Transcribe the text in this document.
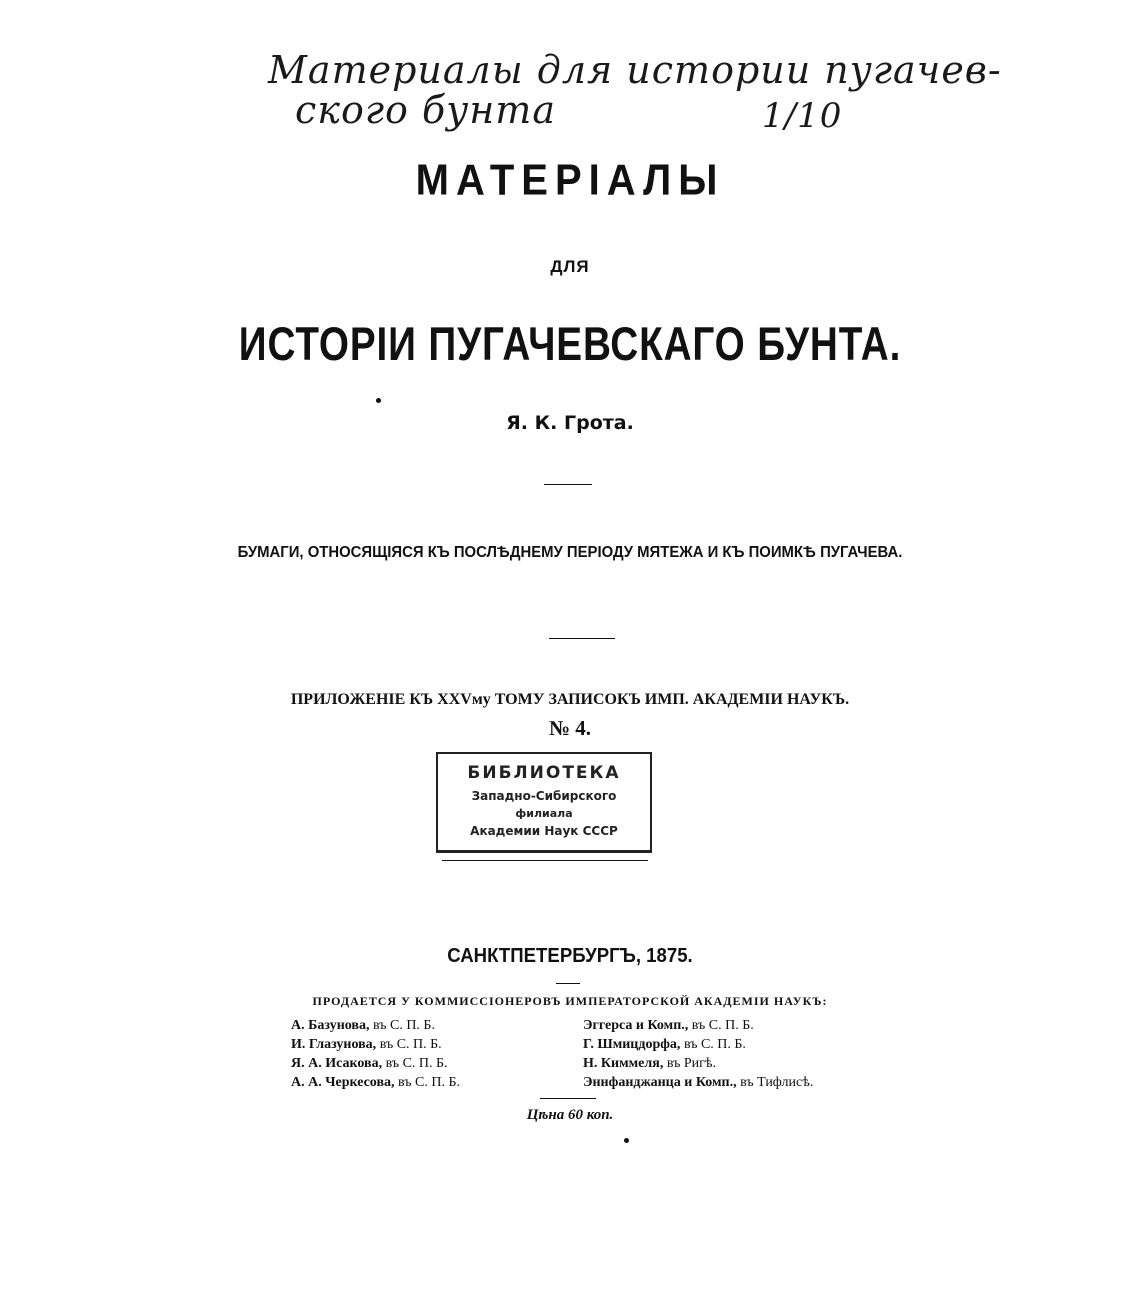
Материалы для истории пугачев-
ского бунта	1/10
МАТЕРІАЛЫ
ДЛЯ
ИСТОРІИ ПУГАЧЕВСКАГО БУНТА.
Я. К. Грота.
БУМАГИ, ОТНОСЯЩІЯСЯ КЪ ПОСЛѢДНЕМУ ПЕРІОДУ МЯТЕЖА И КЪ ПОИМКѢ ПУГАЧЕВА.
ПРИЛОЖЕНІЕ КЪ XXVму ТОМУ ЗАПИСОКЪ ИМП. АКАДЕМІИ НАУКЪ.
№ 4.
БИБЛИОТЕКА
Западно-Сибирского
филиала
Академии Наук СССР
САНКТПЕТЕРБУРГЪ, 1875.
ПРОДАЕТСЯ У КОММИССІОНЕРОВЪ ИМПЕРАТОРСКОЙ АКАДЕМІИ НАУКЪ:
А. Базунова, въ С. П. Б.
И. Глазунова, въ С. П. Б.
Я. А. Исакова, въ С. П. Б.
А. А. Черкесова, въ С. П. Б.
Эггерса и Комп., въ С. П. Б.
Г. Шмицдорфа, въ С. П. Б.
Н. Киммеля, въ Ригѣ.
Эннфанджанца и Комп., въ Тифлисѣ.
Цѣна 60 коп.
